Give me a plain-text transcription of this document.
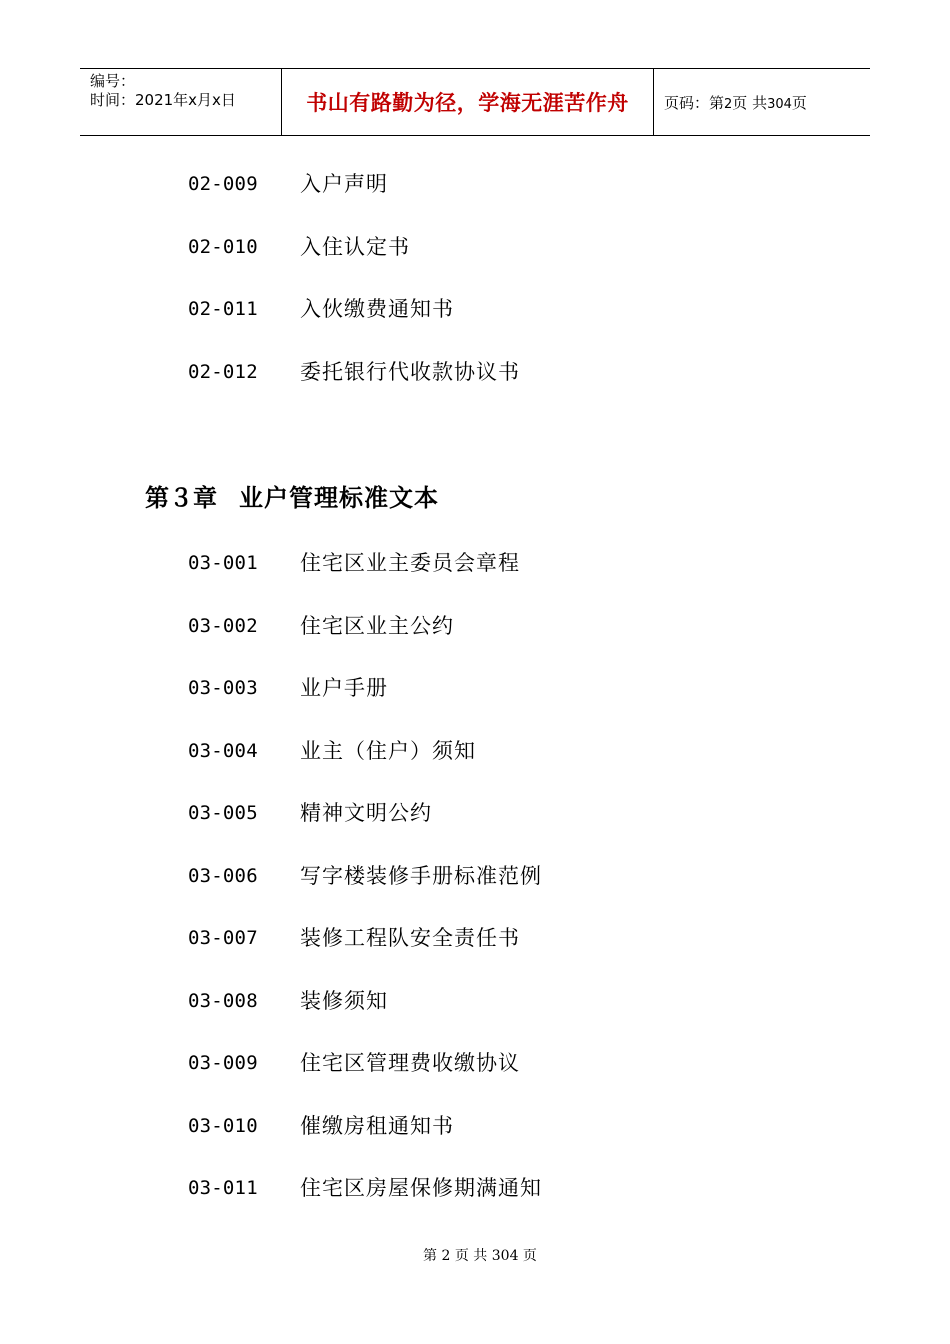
编号：
时间：2021年x月x日	书山有路勤为径，学海无涯苦作舟 页码：第2页 共304页
02-009 入户声明
02-010 入住认定书
02-011 入伙缴费通知书
02-012 委托银行代收款协议书
第３章 业户管理标准文本
03-001 住宅区业主委员会章程
03-002 住宅区业主公约
03-003 业户手册
03-004 业主（住户）须知
03-005 精神文明公约
03-006 写字楼装修手册标准范例
03-007 装修工程队安全责任书
03-008 装修须知
03-009 住宅区管理费收缴协议
03-010 催缴房租通知书
03-011 住宅区房屋保修期满通知
第 2 页 共 304 页
